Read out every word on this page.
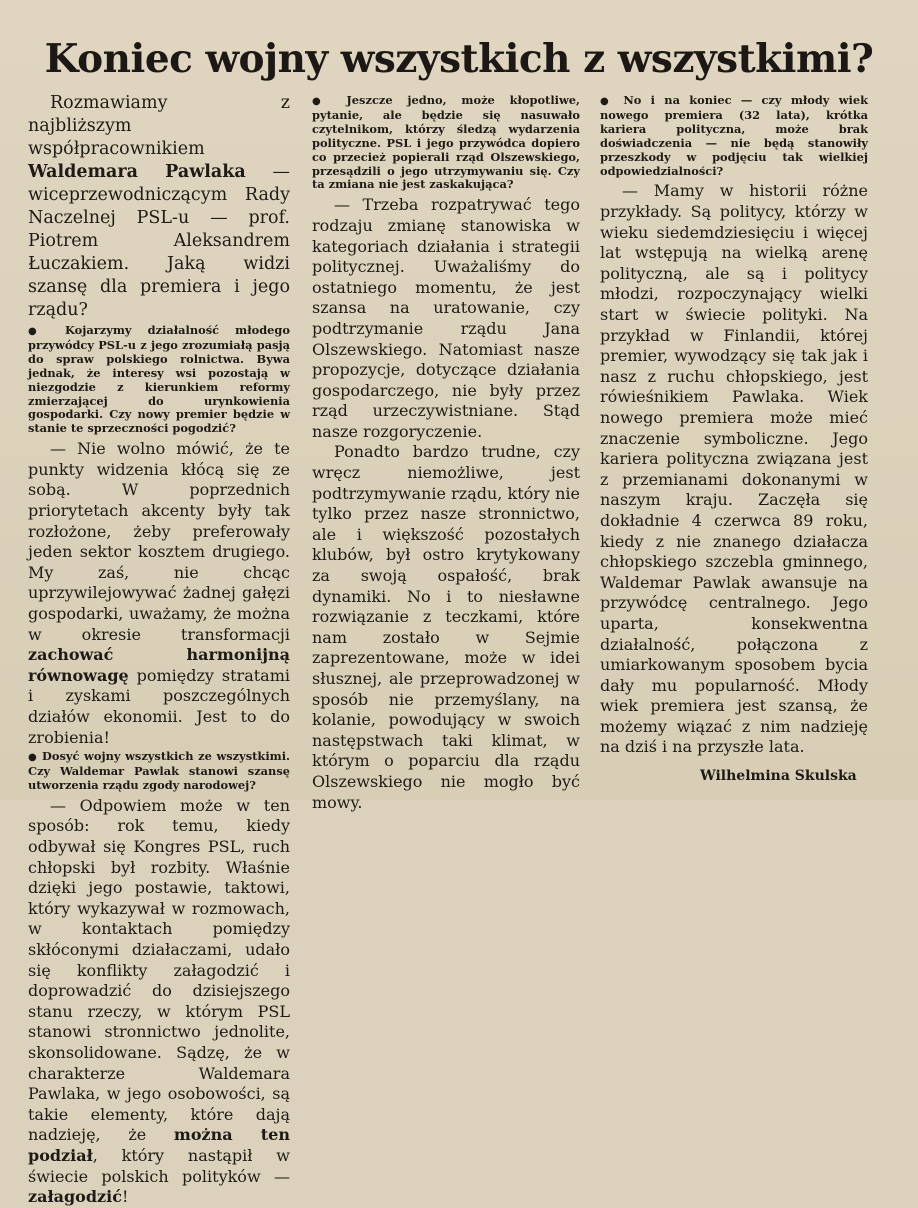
Koniec wojny wszystkich z wszystkimi?

Rozmawiamy z najbliższym współpracownikiem Waldemara Pawlaka — wiceprzewodniczącym Rady Naczelnej PSL-u — prof. Piotrem Aleksandrem Łuczakiem. Jaką widzi szansę dla premiera i jego rządu?

● Kojarzymy działalność młodego przywódcy PSL-u z jego zrozumiałą pasją do spraw polskiego rolnictwa. Bywa jednak, że interesy wsi pozostają w niezgodzie z kierunkiem reformy zmierzającej do urynkowienia gospodarki. Czy nowy premier będzie w stanie te sprzeczności pogodzić?

— Nie wolno mówić, że te punkty widzenia kłócą się ze sobą. W poprzednich priorytetach akcenty były tak rozłożone, żeby preferowały jeden sektor kosztem drugiego. My zaś, nie chcąc uprzywilejowywać żadnej gałęzi gospodarki, uważamy, że można w okresie transformacji zachować harmonijną równowagę pomiędzy stratami i zyskami poszczególnych działów ekonomii. Jest to do zrobienia!

● Dosyć wojny wszystkich ze wszystkimi. Czy Waldemar Pawlak stanowi szansę utworzenia rządu zgody narodowej?

— Odpowiem może w ten sposób: rok temu, kiedy odbywał się Kongres PSL, ruch chłopski był rozbity. Właśnie dzięki jego postawie, taktowi, który wykazywał w rozmowach, w kontaktach pomiędzy skłóconymi działaczami, udało się konflikty załagodzić i doprowadzić do dzisiejszego stanu rzeczy, w którym PSL stanowi stronnictwo jednolite, skonsolidowane. Sądzę, że w charakterze Waldemara Pawlaka, w jego osobowości, są takie elementy, które dają nadzieję, że można ten podział, który nastąpił w świecie polskich polityków — załagodzić!

● Jeszcze jedno, może kłopotliwe, pytanie, ale będzie się nasuwało czytelnikom, którzy śledzą wydarzenia polityczne. PSL i jego przywódca dopiero co przecież popierali rząd Olszewskiego, przesądzili o jego utrzymywaniu się. Czy ta zmiana nie jest zaskakująca?

— Trzeba rozpatrywać tego rodzaju zmianę stanowiska w kategoriach działania i strategii politycznej. Uważaliśmy do ostatniego momentu, że jest szansa na uratowanie, czy podtrzymanie rządu Jana Olszewskiego. Natomiast nasze propozycje, dotyczące działania gospodarczego, nie były przez rząd urzeczywistniane. Stąd nasze rozgoryczenie.

Ponadto bardzo trudne, czy wręcz niemożliwe, jest podtrzymywanie rządu, który nie tylko przez nasze stronnictwo, ale i większość pozostałych klubów, był ostro krytykowany za swoją ospałość, brak dynamiki. No i to niesławne rozwiązanie z teczkami, które nam zostało w Sejmie zaprezentowane, może w idei słusznej, ale przeprowadzonej w sposób nie przemyślany, na kolanie, powodujący w swoich następstwach taki klimat, w którym o poparciu dla rządu Olszewskiego nie mogło być mowy.

● No i na koniec — czy młody wiek nowego premiera (32 lata), krótka kariera polityczna, może brak doświadczenia — nie będą stanowiły przeszkody w podjęciu tak wielkiej odpowiedzialności?

— Mamy w historii różne przykłady. Są politycy, którzy w wieku siedemdziesięciu i więcej lat wstępują na wielką arenę polityczną, ale są i politycy młodzi, rozpoczynający wielki start w świecie polityki. Na przykład w Finlandii, której premier, wywodzący się tak jak i nasz z ruchu chłopskiego, jest rówieśnikiem Pawlaka. Wiek nowego premiera może mieć znaczenie symboliczne. Jego kariera polityczna związana jest z przemianami dokonanymi w naszym kraju. Zaczęła się dokładnie 4 czerwca 89 roku, kiedy z nie znanego działacza chłopskiego szczebla gminnego, Waldemar Pawlak awansuje na przywódcę centralnego. Jego uparta, konsekwentna działalność, połączona z umiarkowanym sposobem bycia dały mu popularność. Młody wiek premiera jest szansą, że możemy wiązać z nim nadzieję na dziś i na przyszłe lata.

Wilhelmina Skulska
